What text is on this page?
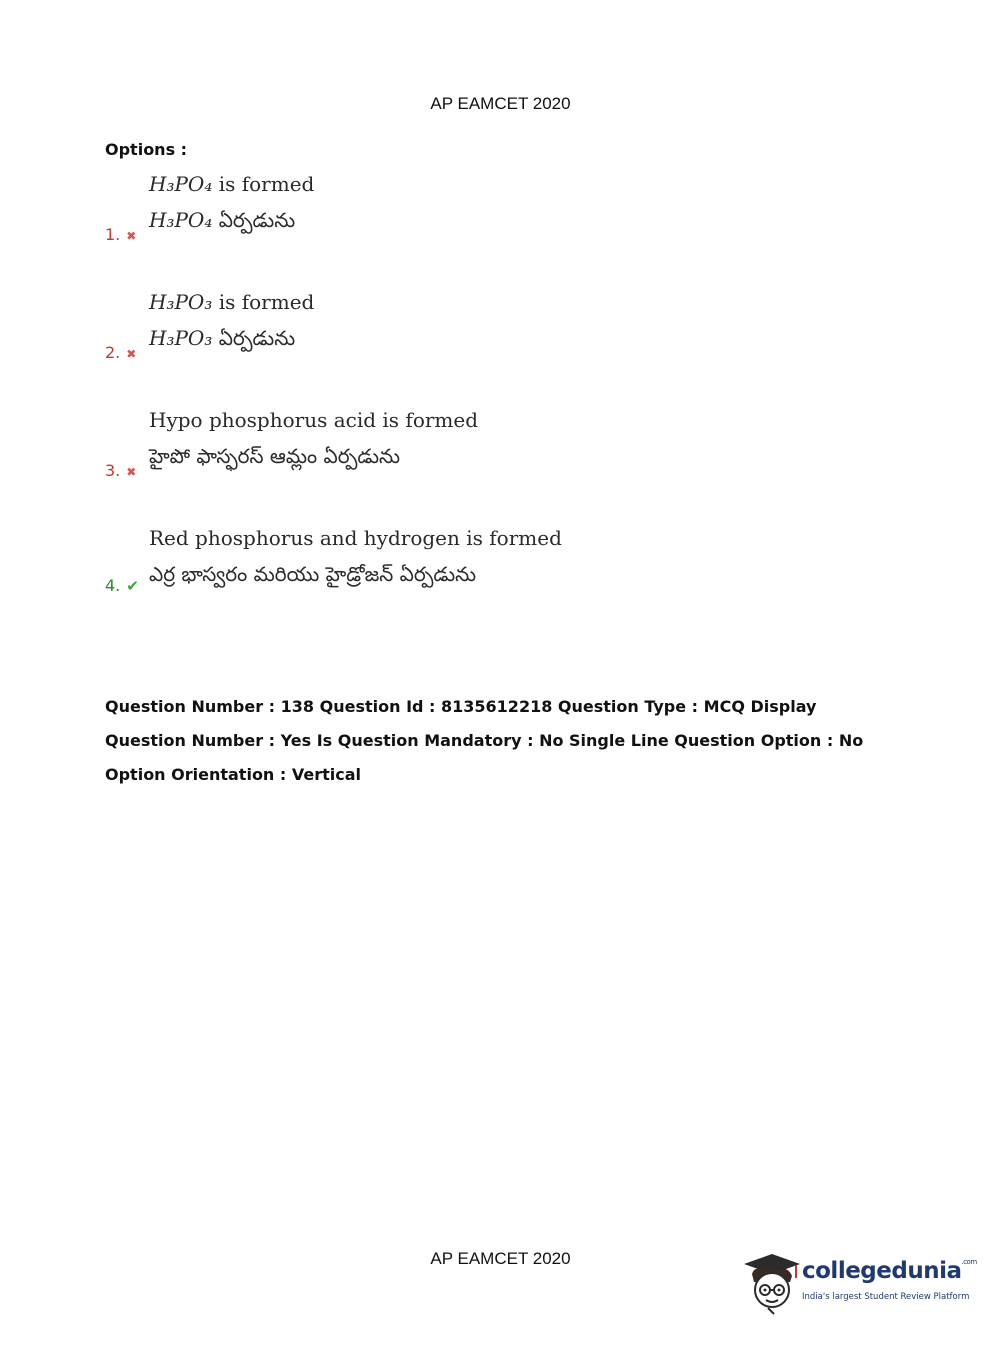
AP EAMCET 2020
Options :
H₃PO₄ is formed
H₃PO₄ ఏర్పడును
1. ✖
H₃PO₃ is formed
H₃PO₃ ఏర్పడును
2. ✖
Hypo phosphorus acid is formed
హైపో ఫాస్ఫరస్ ఆమ్లం ఏర్పడును
3. ✖
Red phosphorus and hydrogen is formed
ఎర్ర భాస్వరం మరియు హైడ్రోజన్ ఏర్పడును
4. ✔
Question Number : 138 Question Id : 8135612218 Question Type : MCQ Display Question Number : Yes Is Question Mandatory : No Single Line Question Option : No Option Orientation : Vertical
AP EAMCET 2020	collegedunia$^{.com}$
India's largest Student Review Platform
